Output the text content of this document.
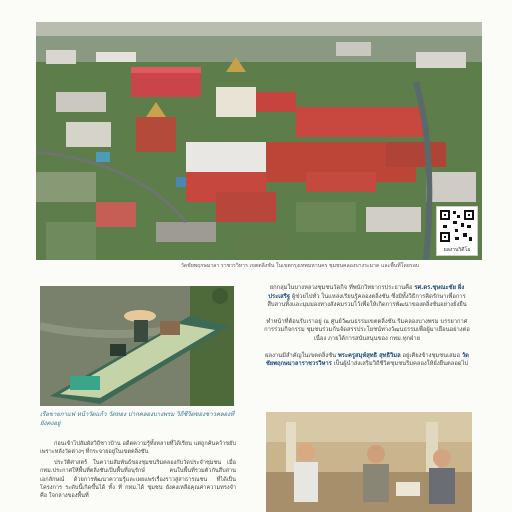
ผลงานวิดีโอ
วัดชัยพฤกษมาลา ราชวรวิหาร เขตตลิ่งชัน ในเขตกรุงเทพมหานคร ชุมชนคลองบางระมาด และพื้นที่โดยรอบ
เรือขายกาแฟ หน้าวัดแก้ว วัดทอง ปากคลองบางพรม วิถีชีวิตของชาวคลองที่ยังคงอยู่

ก่อนเข้าไปสัมผัสวิถีชาวบ้าน อดีตความรู้ทั้งหลายที่ได้เรียน แต่ถูกค้นคว้าขยับเพราะหลังวัดต่างๆ ที่กระจายอยู่ในเขตตลิ่งชัน

ประวัติศาสตร์ ในความสัมพันธ์ของชุมชนริมคลองกับวัดประจำชุมชน เมื่อ กทม.ประกาศให้พื้นที่ตลิ่งชันเป็นพื้นที่อนุรักษ์ คนในพื้นที่รวมตัวกันสืบสานเอกลักษณ์ ด้วยการพัฒนาความรู้และเผยแพร่เรื่องราวสู่สาธารณชน ที่ได้เป็นโครงการ ระดับนี้เกิดขึ้นได้ ทั้ง ที่ กทม.ได้ ชุมชน ยังคงเหลือคุณค่าความทรงจำ คือ ใจกลางของพื้นที่

ยกกลุ่มในบางหลวงชุมชนวัดกิจ ที่พนักวิทยากรประธานคือ รศ.ดร.ชุษณะชัย ผิ่งประเสริฐ ผู้ช่วยไปทั่ว ในแหล่งเรียนรู้คลองตลิ่งชัน ซึ่งมีทั้งวิธีการคิดรักษาเพื่อการสืบสานทิ้งและมุมมองทางสังคมรวมไว้เพื่อให้เกิดการพัฒนาของตลิ่งชันอย่างยั่งยืน

ทำหน้าที่ต้อนรับเราอยู่ ณ ศูนย์วัฒนธรรมเขตตลิ่งชัน ริมคลองบางพรม บรรยากาศการร่วมกิจกรรม ชุมชนร่วมกันจัดสรรประโยชน์ทางวัฒนธรรมเพื่อผู้มาเยือนอย่างต่อเนื่อง ภายใต้การสนับสนุนของ กทม.ทุกฝ่าย

ผลงานมีสำคัญในเขตตลิ่งชัน พระครูสมุห์สุทธิ สุทธิวิมล อยู่เคียงข้างชุมชนเสมอ วัดชัยพฤกษมาลาราชวรวิหาร เป็นผู้นำส่งเสริมวิถีชีวิตชุมชนริมคลองให้ยั่งยืนตลอดไป
